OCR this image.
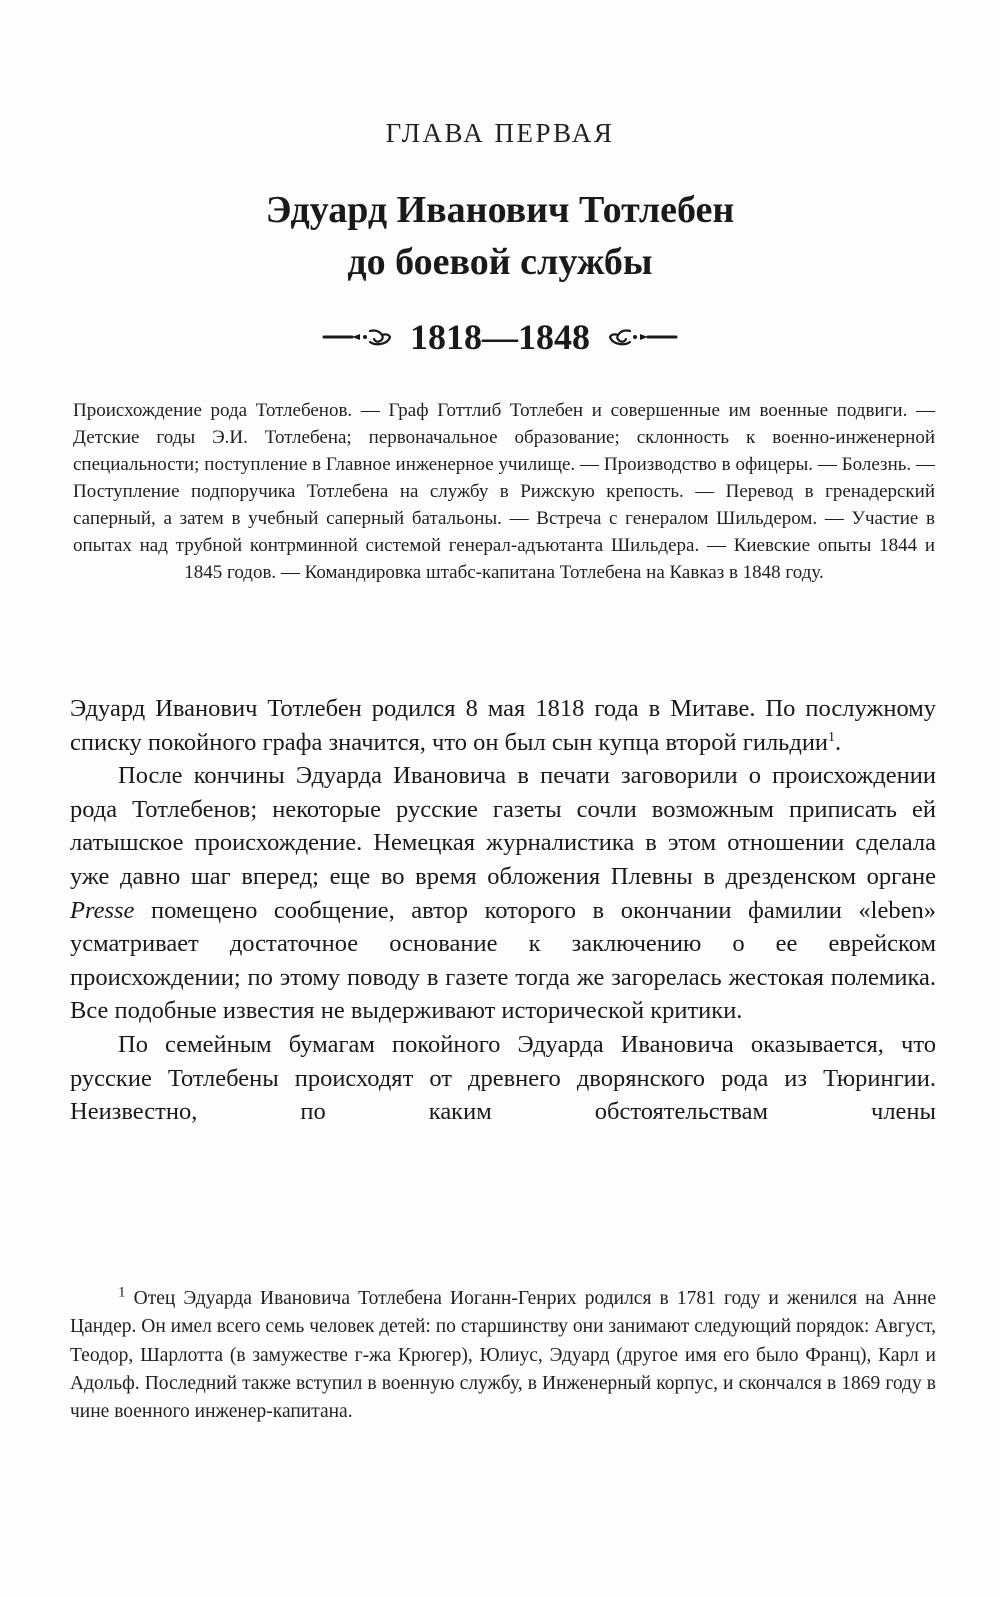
ГЛАВА ПЕРВАЯ
Эдуард Иванович Тотлебен
до боевой службы
1818—1848
Происхождение рода Тотлебенов. — Граф Готтлиб Тотлебен и совершенные им военные подвиги. — Детские годы Э.И. Тотлебена; первоначальное образование; склонность к военно-инженерной специальности; поступление в Главное инженерное училище. — Производство в офицеры. — Болезнь. — Поступление подпоручика Тотлебена на службу в Рижскую крепость. — Перевод в гренадерский саперный, а затем в учебный саперный батальоны. — Встреча с генералом Шильдером. — Участие в опытах над трубной контрминной системой генерал-адъютанта Шильдера. — Киевские опыты 1844 и 1845 годов. — Командировка штабс-капитана Тотлебена на Кавказ в 1848 году.

Эдуард Иванович Тотлебен родился 8 мая 1818 года в Митаве. По послужному списку покойного графа значится, что он был сын купца второй гильдии$^1$.

После кончины Эдуарда Ивановича в печати заговорили о происхождении рода Тотлебенов; некоторые русские газеты сочли возможным приписать ей латышское происхождение. Немецкая журналистика в этом отношении сделала уже давно шаг вперед; еще во время обложения Плевны в дрезденском органе Presse помещено сообщение, автор которого в окончании фамилии «leben» усматривает достаточное основание к заключению о ее еврейском происхождении; по этому поводу в газете тогда же загорелась жестокая полемика. Все подобные известия не выдерживают исторической критики.

По семейным бумагам покойного Эдуарда Ивановича оказывается, что русские Тотлебены происходят от древнего дворянского рода из Тюрингии. Неизвестно, по каким обстоятельствам члены

$^1$ Отец Эдуарда Ивановича Тотлебена Иоганн-Генрих родился в 1781 году и женился на Анне Цандер. Он имел всего семь человек детей: по старшинству они занимают следующий порядок: Август, Теодор, Шарлотта (в замужестве г-жа Крюгер), Юлиус, Эдуард (другое имя его было Франц), Карл и Адольф. Последний также вступил в военную службу, в Инженерный корпус, и скончался в 1869 году в чине военного инженер-капитана.
